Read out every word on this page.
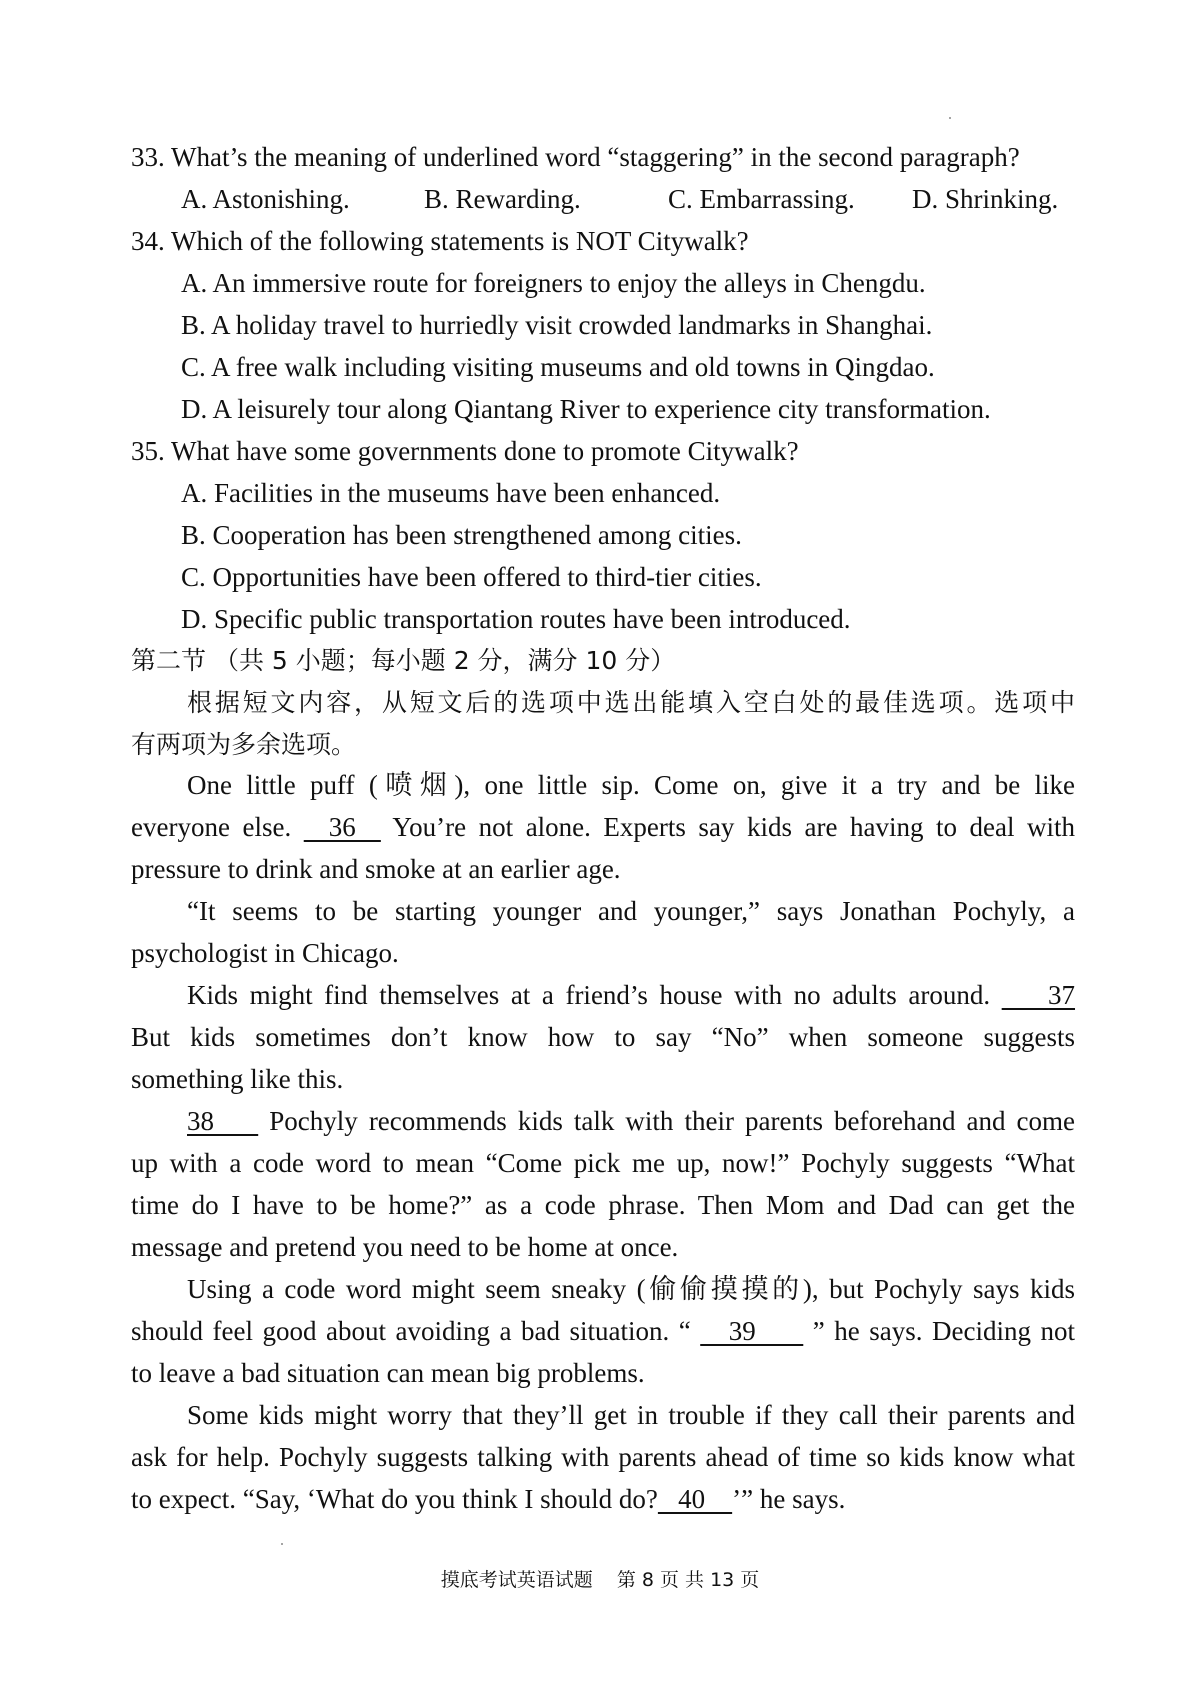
33. What’s the meaning of underlined word “staggering” in the second paragraph?
A. Astonishing.	B. Rewarding.	C. Embarrassing. D. Shrinking.
34. Which of the following statements is NOT Citywalk?
A. An immersive route for foreigners to enjoy the alleys in Chengdu.
B. A holiday travel to hurriedly visit crowded landmarks in Shanghai.
C. A free walk including visiting museums and old towns in Qingdao.
D. A leisurely tour along Qiantang River to experience city transformation.
35. What have some governments done to promote Citywalk?
A. Facilities in the museums have been enhanced.
B. Cooperation has been strengthened among cities.
C. Opportunities have been offered to third-tier cities.
D. Specific public transportation routes have been introduced.
第二节 （共 5 小题；每小题 2 分，满分 10 分）
根据短文内容，从短文后的选项中选出能填入空白处的最佳选项。选项中
有两项为多余选项。
One little puff (喷烟), one little sip. Come on, give it a try and be like
everyone else.   36   You’re not alone. Experts say kids are having to deal with
pressure to drink and smoke at an earlier age.
“It seems to be starting younger and younger,” says Jonathan Pochyly, a
psychologist in Chicago.
Kids might find themselves at a friend’s house with no adults around.     37
But kids sometimes don’t know how to say “No” when someone suggests
something like this.
38     Pochyly recommends kids talk with their parents beforehand and come
up with a code word to mean “Come pick me up, now!” Pochyly suggests “What
time do I have to be home?” as a code phrase. Then Mom and Dad can get the
message and pretend you need to be home at once.
Using a code word might seem sneaky (偷偷摸摸的), but Pochyly says kids
should feel good about avoiding a bad situation. “    39      ” he says. Deciding not
to leave a bad situation can mean big problems.
Some kids might worry that they’ll get in trouble if they call their parents and
ask for help. Pochyly suggests talking with parents ahead of time so kids know what
to expect. “Say, ‘What do you think I should do?   40    ’” he says.
摸底考试英语试题    第 8 页 共 13 页
